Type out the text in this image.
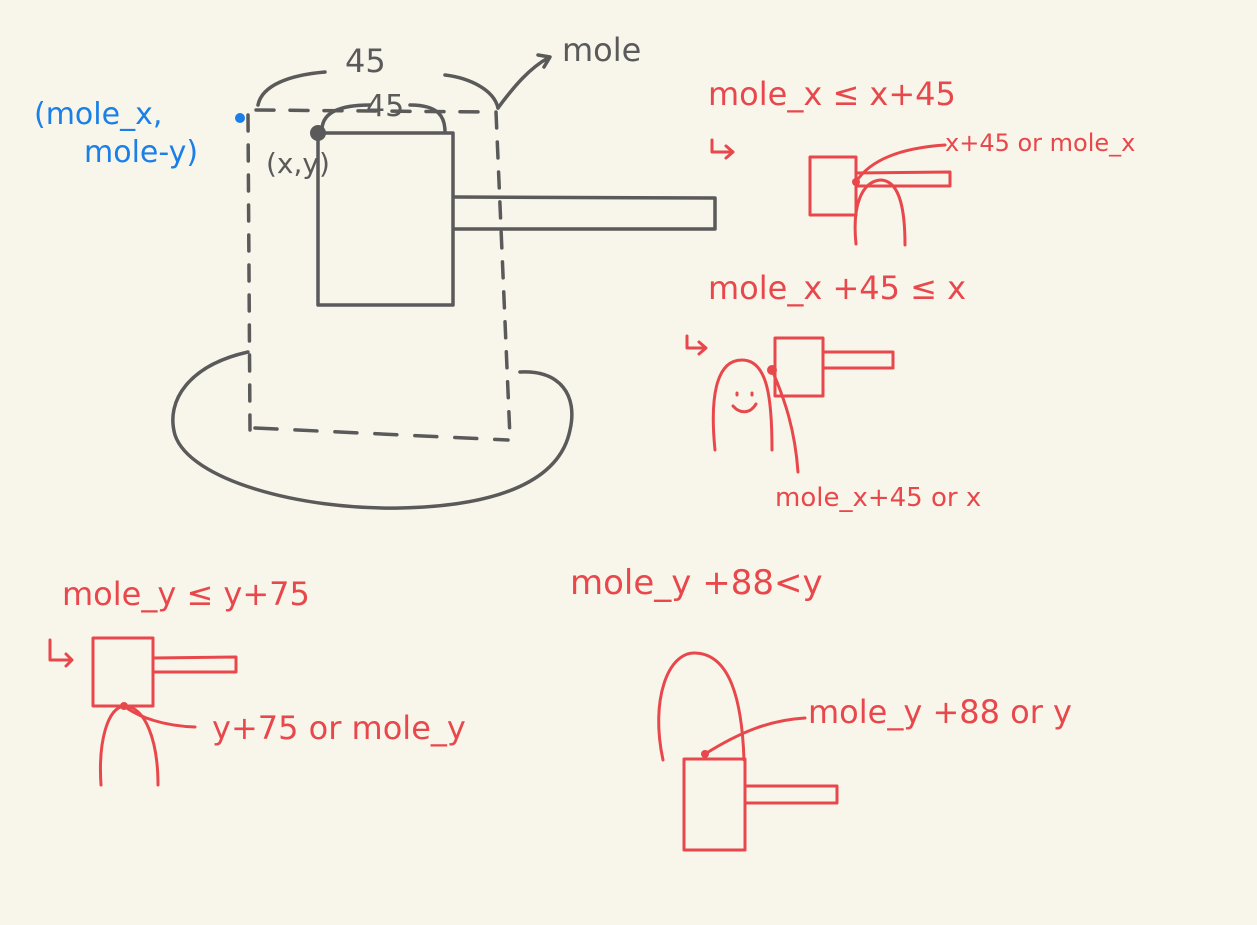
45	mole
45
(mole_x,
mole-y) (x,y)
mole_x ≤ x+45
x+45 or mole_x
mole_x +45 ≤ x
mole_x+45 or x
mole_y ≤ y+75
y+75 or mole_y
mole_y +88<y
mole_y +88 or y
